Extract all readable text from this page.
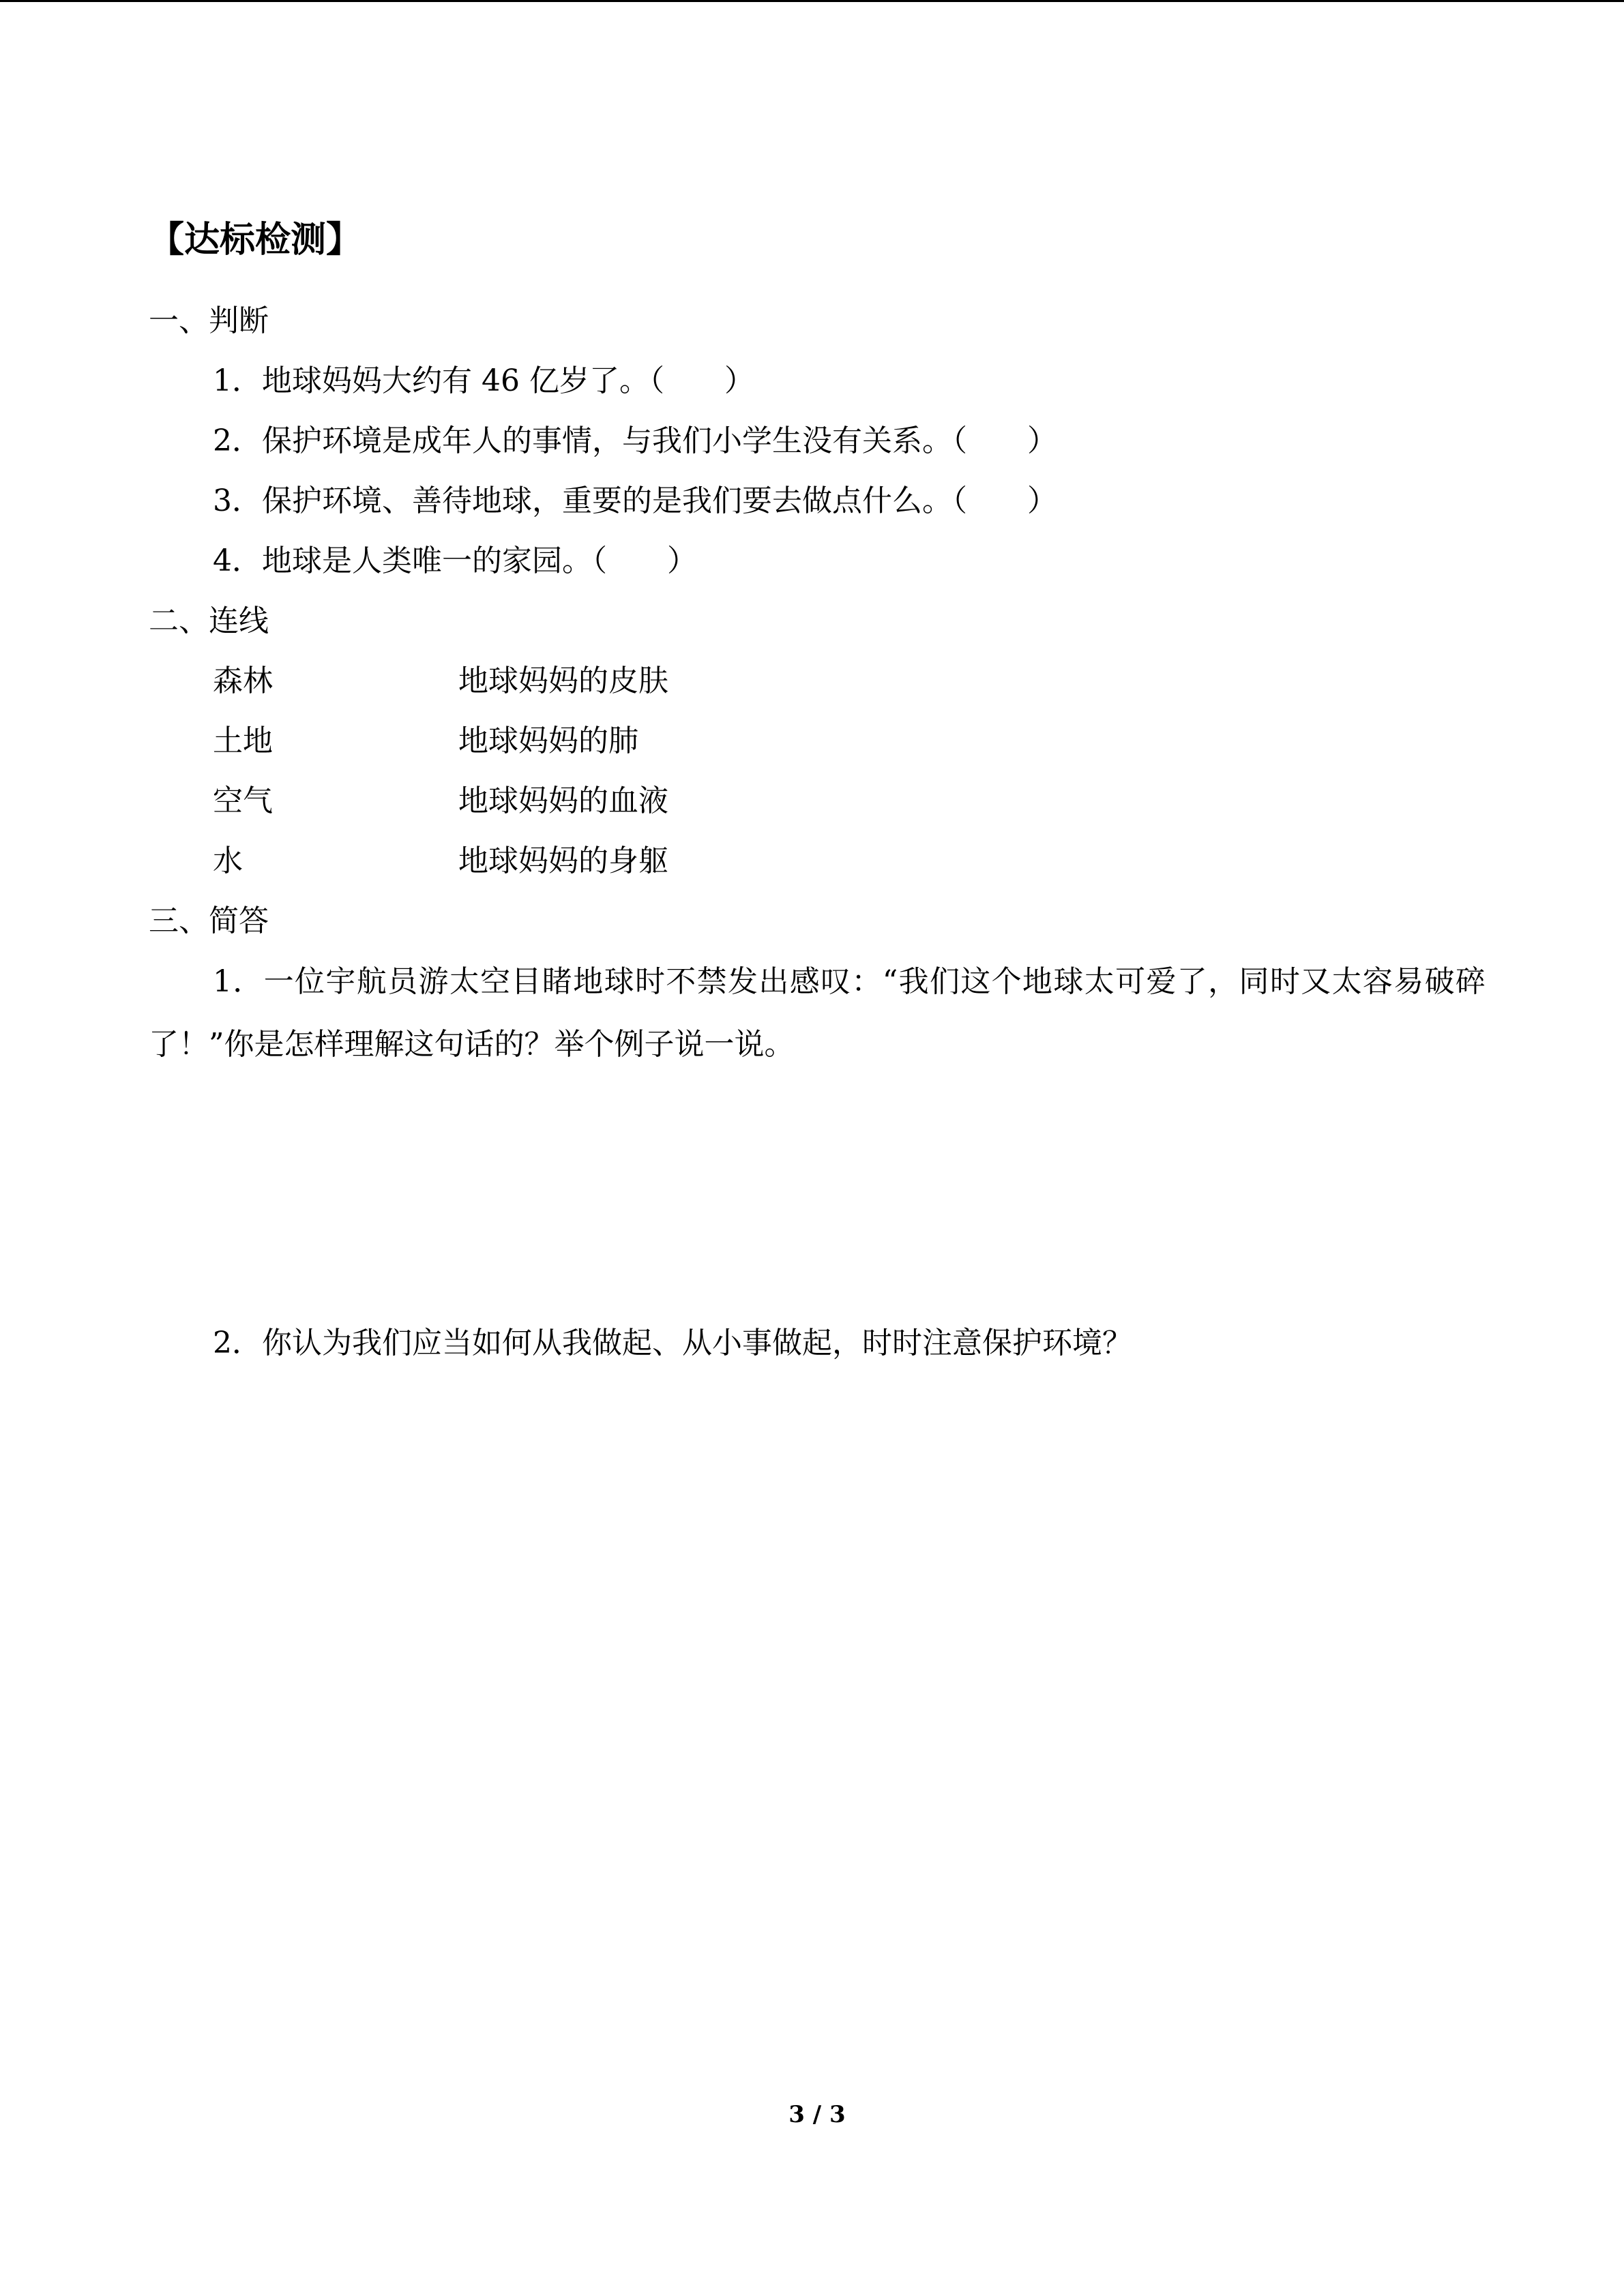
【达标检测】
一、判断
1．地球妈妈大约有 46 亿岁了。（　　）
2．保护环境是成年人的事情，与我们小学生没有关系。（　　）
3．保护环境、善待地球，重要的是我们要去做点什么。（　　）
4．地球是人类唯一的家园。（　　）
二、连线
森林	地球妈妈的皮肤
土地	地球妈妈的肺
空气	地球妈妈的血液
水	地球妈妈的身躯
三、简答
1．一位宇航员游太空目睹地球时不禁发出感叹：“我们这个地球太可爱了，同时又太容易破碎了！”你是怎样理解这句话的？举个例子说一说。
2．你认为我们应当如何从我做起、从小事做起，时时注意保护环境？
3 / 3
